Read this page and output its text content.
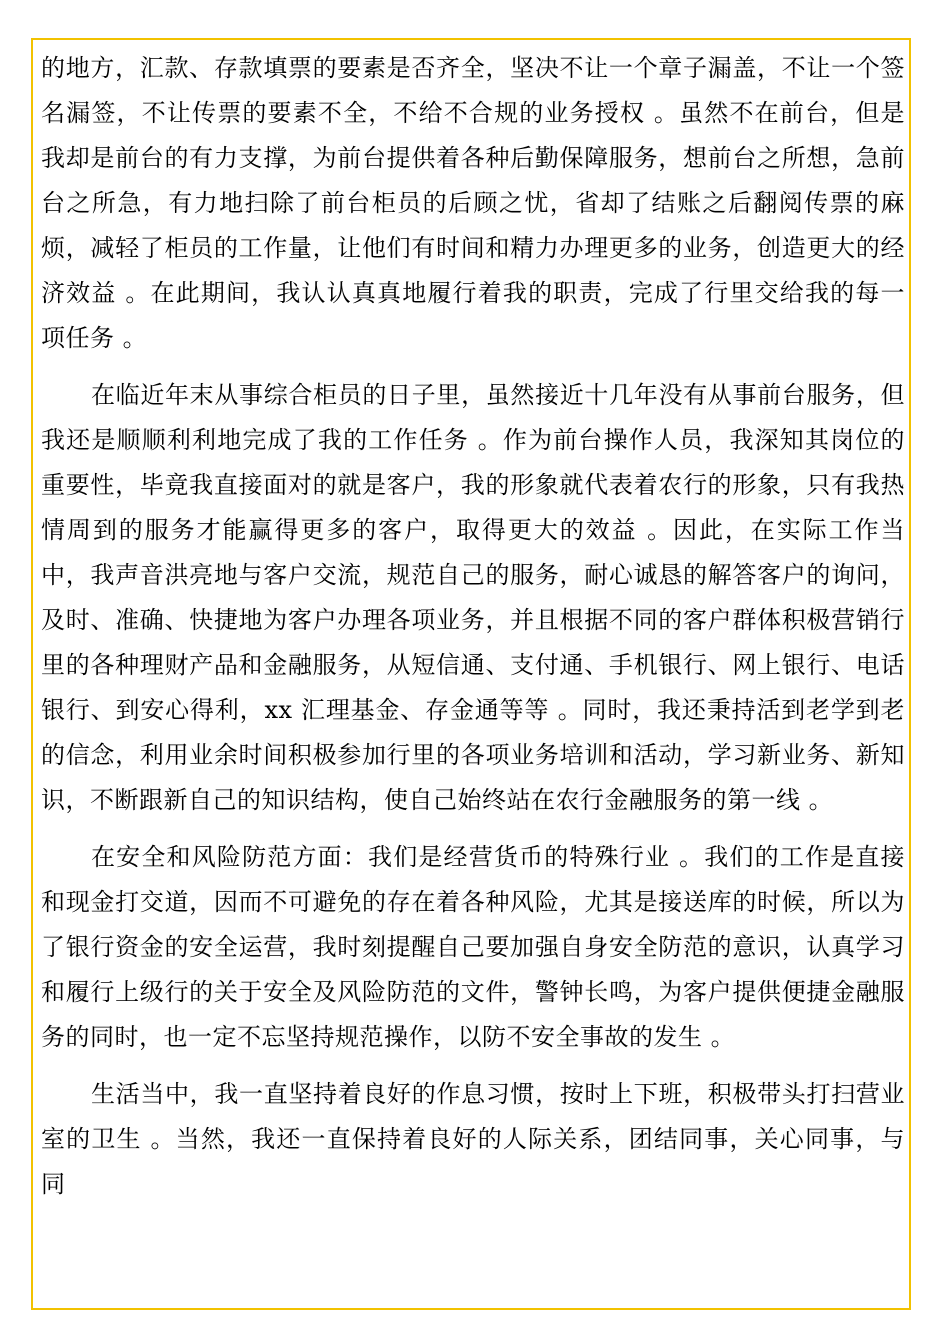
的地方，汇款、存款填票的要素是否齐全，坚决不让一个章子漏盖，不让一个签名漏签，不让传票的要素不全，不给不合规的业务授权 。虽然不在前台，但是我却是前台的有力支撑，为前台提供着各种后勤保障服务，想前台之所想，急前台之所急，有力地扫除了前台柜员的后顾之忧，省却了结账之后翻阅传票的麻烦，减轻了柜员的工作量，让他们有时间和精力办理更多的业务，创造更大的经济效益 。在此期间，我认认真真地履行着我的职责，完成了行里交给我的每一项任务 。

在临近年末从事综合柜员的日子里，虽然接近十几年没有从事前台服务，但我还是顺顺利利地完成了我的工作任务 。作为前台操作人员，我深知其岗位的重要性，毕竟我直接面对的就是客户，我的形象就代表着农行的形象，只有我热情周到的服务才能赢得更多的客户，取得更大的效益 。因此，在实际工作当中，我声音洪亮地与客户交流，规范自己的服务，耐心诚恳的解答客户的询问，及时、准确、快捷地为客户办理各项业务，并且根据不同的客户群体积极营销行里的各种理财产品和金融服务，从短信通、支付通、手机银行、网上银行、电话银行、到安心得利，xx 汇理基金、存金通等等 。同时，我还秉持活到老学到老的信念，利用业余时间积极参加行里的各项业务培训和活动，学习新业务、新知识，不断跟新自己的知识结构，使自己始终站在农行金融服务的第一线 。

在安全和风险防范方面：我们是经营货币的特殊行业 。我们的工作是直接和现金打交道，因而不可避免的存在着各种风险，尤其是接送库的时候，所以为了银行资金的安全运营，我时刻提醒自己要加强自身安全防范的意识，认真学习和履行上级行的关于安全及风险防范的文件，警钟长鸣，为客户提供便捷金融服务的同时，也一定不忘坚持规范操作，以防不安全事故的发生 。

生活当中，我一直坚持着良好的作息习惯，按时上下班，积极带头打扫营业室的卫生 。当然，我还一直保持着良好的人际关系，团结同事，关心同事，与同
